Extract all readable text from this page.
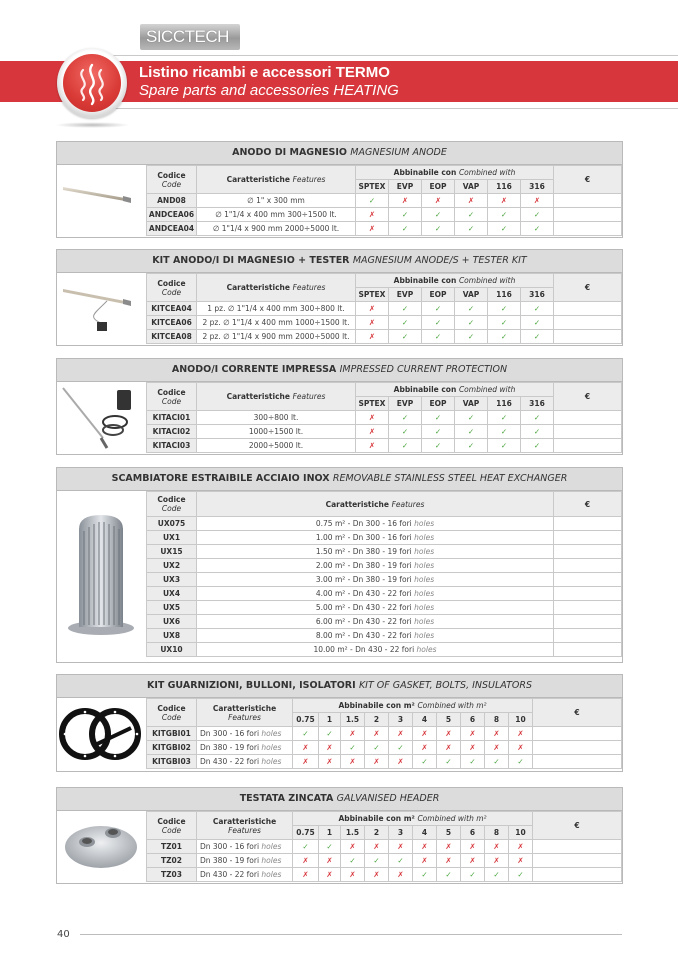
SICCTECH
Listino ricambi e accessori TERMO
Spare parts and accessories HEATING
ANODO DI MAGNESIO MAGNESIUM ANODE
Codice
Code	Caratteristiche Features	Abbinabile con Combined with						€
		SPTEX	EVP	EOP	VAP	116	316	
AND08	∅ 1" x 300 mm	✓	✗	✗	✗	✗	✗	
ANDCEA06	∅ 1"1/4 x 400 mm 300÷1500 lt.	✗	✓	✓	✓	✓	✓	
ANDCEA04	∅ 1"1/4 x 900 mm 2000÷5000 lt.	✗	✓	✓	✓	✓	✓	
KIT ANODO/I DI MAGNESIO + TESTER MAGNESIUM ANODE/S + TESTER KIT
Codice
Code	Caratteristiche Features	Abbinabile con Combined with						€
		SPTEX	EVP	EOP	VAP	116	316	
KITCEA04	1 pz. ∅ 1"1/4 x 400 mm 300÷800 lt.	✗	✓	✓	✓	✓	✓	
KITCEA06	2 pz. ∅ 1"1/4 x 400 mm 1000÷1500 lt.	✗	✓	✓	✓	✓	✓	
KITCEA08	2 pz. ∅ 1"1/4 x 900 mm 2000÷5000 lt.	✗	✓	✓	✓	✓	✓	
ANODO/I CORRENTE IMPRESSA IMPRESSED CURRENT PROTECTION
Codice
Code	Caratteristiche Features	Abbinabile con Combined with						€
		SPTEX	EVP	EOP	VAP	116	316	
KITACI01	300÷800 lt.	✗	✓	✓	✓	✓	✓	
KITACI02	1000÷1500 lt.	✗	✓	✓	✓	✓	✓	
KITACI03	2000÷5000 lt.	✗	✓	✓	✓	✓	✓	
SCAMBIATORE ESTRAIBILE ACCIAIO INOX REMOVABLE STAINLESS STEEL HEAT EXCHANGER
Codice
Code	Caratteristiche Features	€
UX075	0.75 m² - Dn 300 - 16 fori holes	
UX1	1.00 m² - Dn 300 - 16 fori holes	
UX15	1.50 m² - Dn 380 - 19 fori holes	
UX2	2.00 m² - Dn 380 - 19 fori holes	
UX3	3.00 m² - Dn 380 - 19 fori holes	
UX4	4.00 m² - Dn 430 - 22 fori holes	
UX5	5.00 m² - Dn 430 - 22 fori holes	
UX6	6.00 m² - Dn 430 - 22 fori holes	
UX8	8.00 m² - Dn 430 - 22 fori holes	
UX10	10.00 m² - Dn 430 - 22 fori holes	
KIT GUARNIZIONI, BULLONI, ISOLATORI KIT OF GASKET, BOLTS, INSULATORS
Codice
Code	Caratteristiche
Features	Abbinabile con m² Combined with m²										€
		0.75	1	1.5	2	3	4	5	6	8	10	
KITGBI01	Dn 300 - 16 fori holes	✓	✓	✗	✗	✗	✗	✗	✗	✗	✗	
KITGBI02	Dn 380 - 19 fori holes	✗	✗	✓	✓	✓	✗	✗	✗	✗	✗	
KITGBI03	Dn 430 - 22 fori holes	✗	✗	✗	✗	✗	✓	✓	✓	✓	✓	
TESTATA ZINCATA GALVANISED HEADER
Codice
Code	Caratteristiche
Features	Abbinabile con m² Combined with m²										€
		0.75	1	1.5	2	3	4	5	6	8	10	
TZ01	Dn 300 - 16 fori holes	✓	✓	✗	✗	✗	✗	✗	✗	✗	✗	
TZ02	Dn 380 - 19 fori holes	✗	✗	✓	✓	✓	✗	✗	✗	✗	✗	
TZ03	Dn 430 - 22 fori holes	✗	✗	✗	✗	✗	✓	✓	✓	✓	✓	
40
